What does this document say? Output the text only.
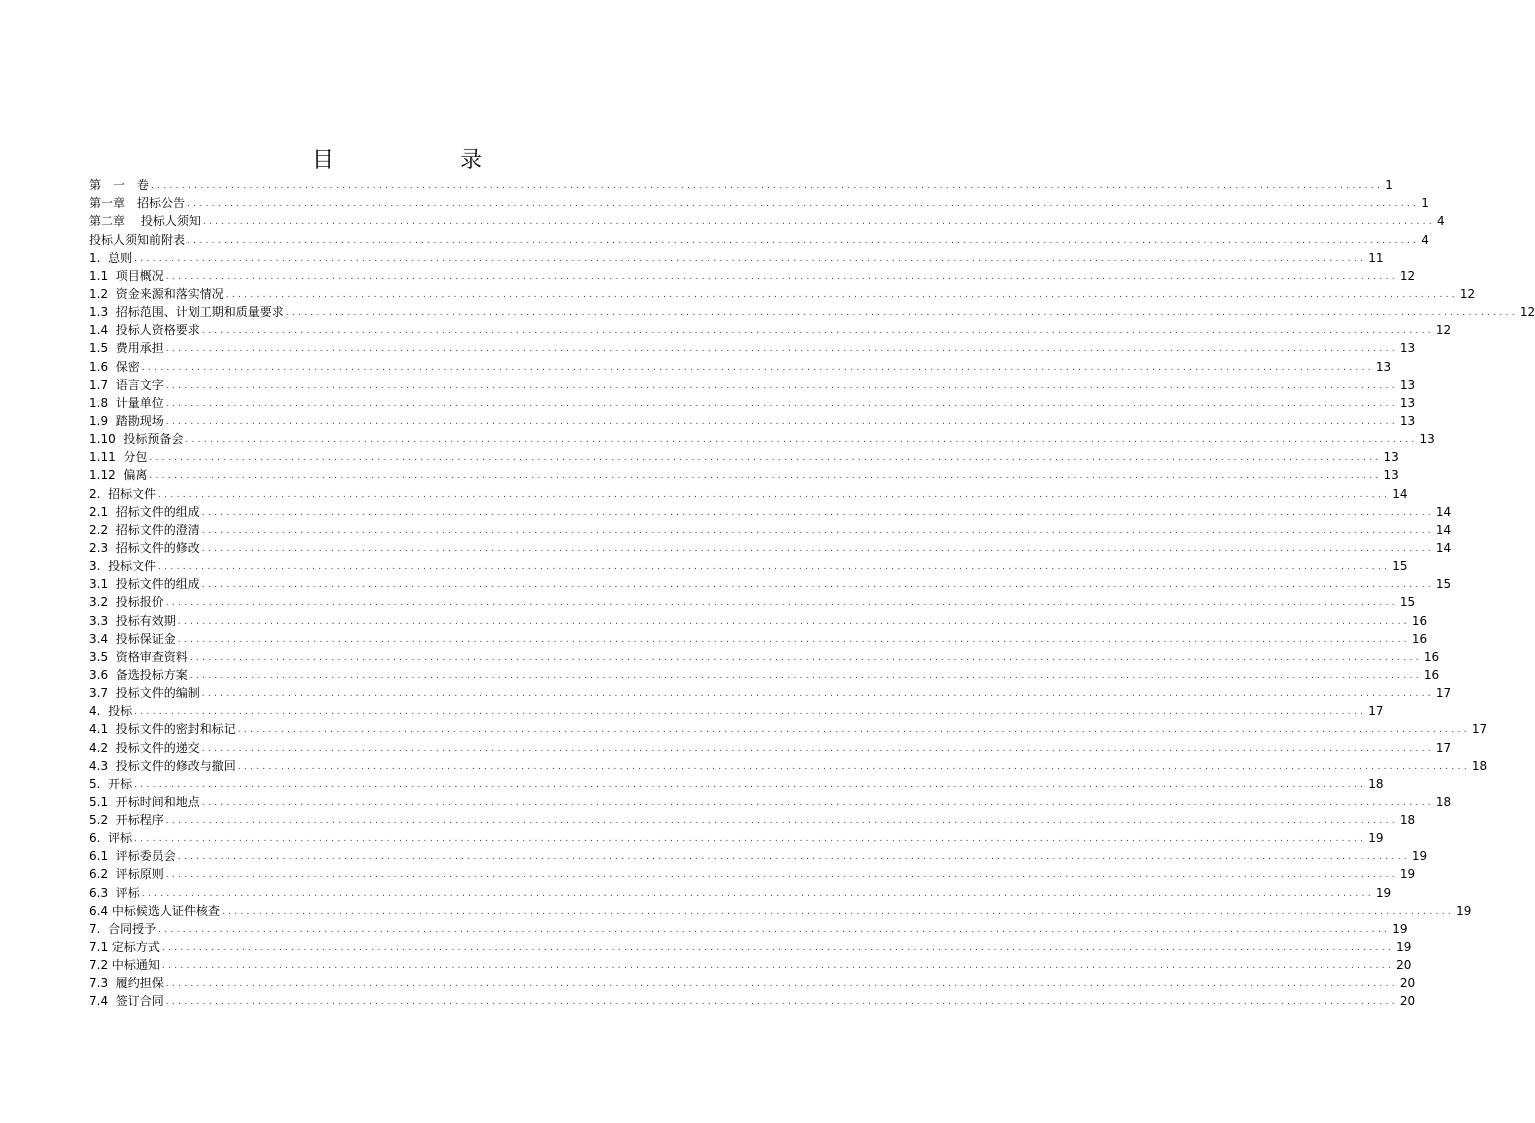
目　录
第　一　卷 ........................................................................................................................................................................................................ 1
第一章　招标公告 ........................................................................................................................................................................................................ 1
第二章　 投标人须知 ........................................................................................................................................................................................................ 4
投标人须知前附表 ........................................................................................................................................................................................................ 4
1.  总则 ........................................................................................................................................................................................................ 11
1.1  项目概况 ........................................................................................................................................................................................................ 12
1.2  资金来源和落实情况 ........................................................................................................................................................................................................ 12
1.3  招标范围、计划工期和质量要求 ........................................................................................................................................................................................................ 12
1.4  投标人资格要求 ........................................................................................................................................................................................................ 12
1.5  费用承担 ........................................................................................................................................................................................................ 13
1.6  保密 ........................................................................................................................................................................................................ 13
1.7  语言文字 ........................................................................................................................................................................................................ 13
1.8  计量单位 ........................................................................................................................................................................................................ 13
1.9  踏勘现场 ........................................................................................................................................................................................................ 13
1.10  投标预备会 ........................................................................................................................................................................................................ 13
1.11  分包 ........................................................................................................................................................................................................ 13
1.12  偏离 ........................................................................................................................................................................................................ 13
2.  招标文件 ........................................................................................................................................................................................................ 14
2.1  招标文件的组成 ........................................................................................................................................................................................................ 14
2.2  招标文件的澄清 ........................................................................................................................................................................................................ 14
2.3  招标文件的修改 ........................................................................................................................................................................................................ 14
3.  投标文件 ........................................................................................................................................................................................................ 15
3.1  投标文件的组成 ........................................................................................................................................................................................................ 15
3.2  投标报价 ........................................................................................................................................................................................................ 15
3.3  投标有效期 ........................................................................................................................................................................................................ 16
3.4  投标保证金 ........................................................................................................................................................................................................ 16
3.5  资格审查资料 ........................................................................................................................................................................................................ 16
3.6  备选投标方案 ........................................................................................................................................................................................................ 16
3.7  投标文件的编制 ........................................................................................................................................................................................................ 17
4.  投标 ........................................................................................................................................................................................................ 17
4.1  投标文件的密封和标记 ........................................................................................................................................................................................................ 17
4.2  投标文件的递交 ........................................................................................................................................................................................................ 17
4.3  投标文件的修改与撤回 ........................................................................................................................................................................................................ 18
5.  开标 ........................................................................................................................................................................................................ 18
5.1  开标时间和地点 ........................................................................................................................................................................................................ 18
5.2  开标程序 ........................................................................................................................................................................................................ 18
6.  评标 ........................................................................................................................................................................................................ 19
6.1  评标委员会 ........................................................................................................................................................................................................ 19
6.2  评标原则 ........................................................................................................................................................................................................ 19
6.3  评标 ........................................................................................................................................................................................................ 19
6.4 中标候选人证件核查 ........................................................................................................................................................................................................ 19
7.  合同授予 ........................................................................................................................................................................................................ 19
7.1 定标方式 ........................................................................................................................................................................................................ 19
7.2 中标通知 ........................................................................................................................................................................................................ 20
7.3  履约担保 ........................................................................................................................................................................................................ 20
7.4  签订合同 ........................................................................................................................................................................................................ 20
